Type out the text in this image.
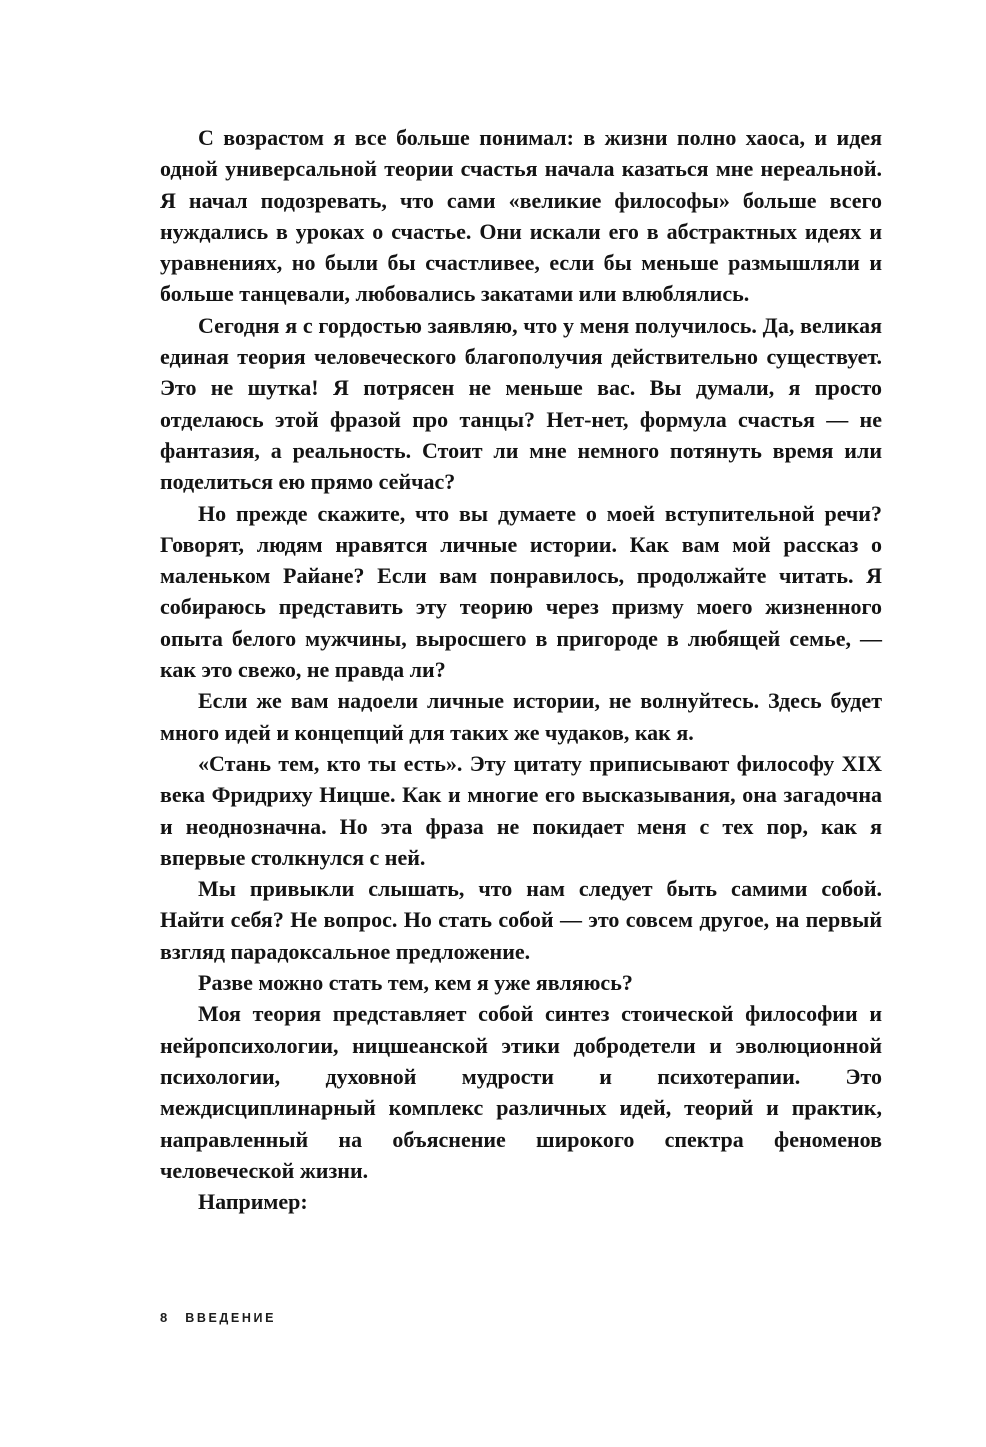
С возрастом я все больше понимал: в жизни полно хаоса, и идея одной универсальной теории счастья начала казаться мне нереальной. Я начал подозревать, что сами «великие философы» больше всего нуждались в уроках о счастье. Они искали его в абстрактных идеях и уравнениях, но были бы счастливее, если бы меньше размышляли и больше танцевали, любовались закатами или влюблялись.

Сегодня я с гордостью заявляю, что у меня получилось. Да, великая единая теория человеческого благополучия действительно существует. Это не шутка! Я потрясен не меньше вас. Вы думали, я просто отделаюсь этой фразой про танцы? Нет-нет, формула счастья — не фантазия, а реальность. Стоит ли мне немного потянуть время или поделиться ею прямо сейчас?

Но прежде скажите, что вы думаете о моей вступительной речи? Говорят, людям нравятся личные истории. Как вам мой рассказ о маленьком Райане? Если вам понравилось, продолжайте читать. Я собираюсь представить эту теорию через призму моего жизненного опыта белого мужчины, выросшего в пригороде в любящей семье, — как это свежо, не правда ли?

Если же вам надоели личные истории, не волнуйтесь. Здесь будет много идей и концепций для таких же чудаков, как я.

«Стань тем, кто ты есть». Эту цитату приписывают философу XIX века Фридриху Ницше. Как и многие его высказывания, она загадочна и неоднозначна. Но эта фраза не покидает меня с тех пор, как я впервые столкнулся с ней.

Мы привыкли слышать, что нам следует быть самими собой. Найти себя? Не вопрос. Но стать собой — это совсем другое, на первый взгляд парадоксальное предложение.

Разве можно стать тем, кем я уже являюсь?

Моя теория представляет собой синтез стоической философии и нейропсихологии, ницшеанской этики добродетели и эволюционной психологии, духовной мудрости и психотерапии. Это междисциплинарный комплекс различных идей, теорий и практик, направленный на объяснение широкого спектра феноменов человеческой жизни.

Например:

8 ВВЕДЕНИЕ
